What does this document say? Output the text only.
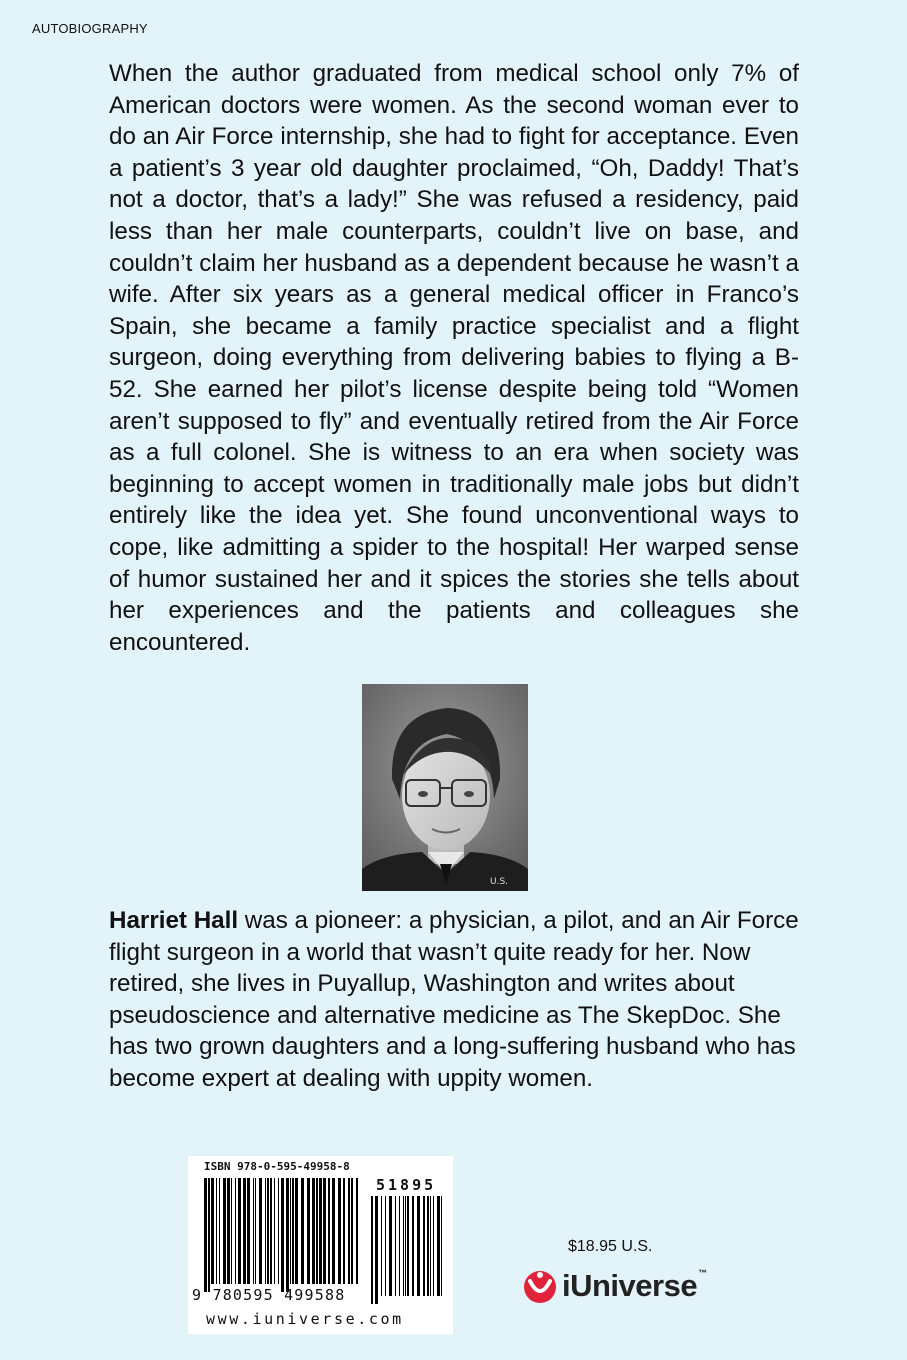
AUTOBIOGRAPHY

When the author graduated from medical school only 7% of American doctors were women. As the second woman ever to do an Air Force internship, she had to fight for acceptance. Even a patient’s 3 year old daughter proclaimed, “Oh, Daddy! That’s not a doctor, that’s a lady!” She was refused a residency, paid less than her male counterparts, couldn’t live on base, and couldn’t claim her husband as a dependent because he wasn’t a wife. After six years as a general medical officer in Franco’s Spain, she became a family practice specialist and a flight surgeon, doing everything from delivering babies to flying a B-52. She earned her pilot’s license despite being told “Women aren’t supposed to fly” and eventually retired from the Air Force as a full colonel. She is witness to an era when society was beginning to accept women in traditionally male jobs but didn’t entirely like the idea yet. She found unconventional ways to cope, like admitting a spider to the hospital! Her warped sense of humor sustained her and it spices the stories she tells about her experiences and the patients and colleagues she encountered.

U.S.

Harriet Hall was a pioneer: a physician, a pilot, and an Air Force flight surgeon in a world that wasn’t quite ready for her. Now retired, she lives in Puyallup, Washington and writes about pseudoscience and alternative medicine as The SkepDoc. She has two grown daughters and a long-suffering husband who has become expert at dealing with uppity women.

ISBN 978-0-595-49958-8
51895
9 780595 499588
www.iuniverse.com
$18.95 U.S.
iUniverse™
